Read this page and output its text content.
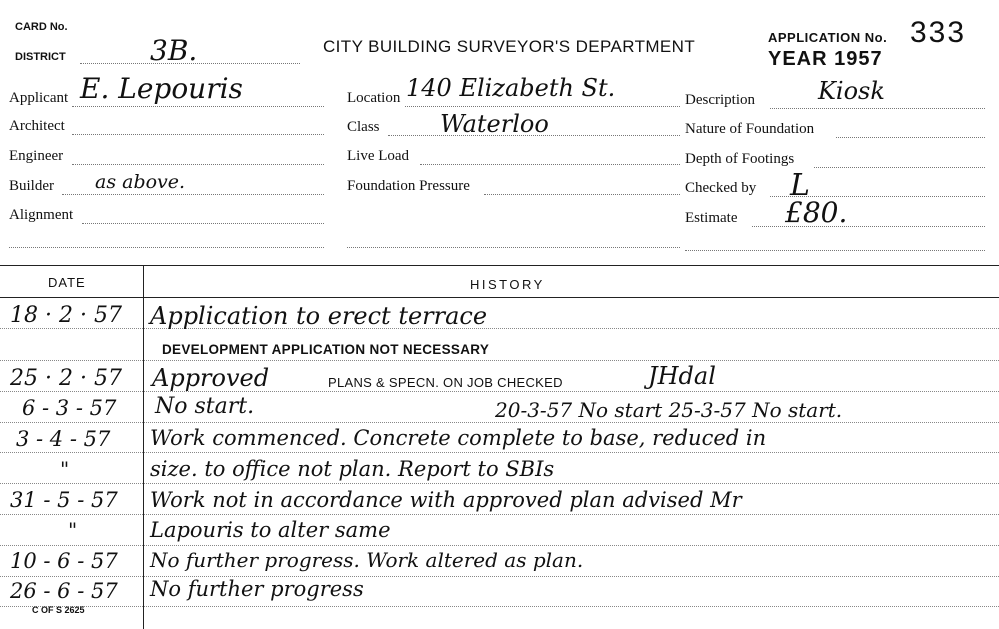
CARD No.
DISTRICT	3B.	CITY BUILDING SURVEYOR'S DEPARTMENT	APPLICATION No. 333
YEAR 1957
Applicant E. Lepouris
Architect
Engineer
Builder as above.
Alignment
Location 140 Elizabeth St.
Class	Waterloo
Live Load
Foundation Pressure
Description	Kiosk
Nature of Foundation
Depth of Footings
Checked by L
Estimate £80.
DATE	HISTORY
18 · 2 · 57 Application to erect terrace
DEVELOPMENT APPLICATION NOT NECESSARY
25 · 2 · 57 Approved	PLANS & SPECN. ON JOB CHECKED	JHdal
6 - 3 - 57 No start.	20-3-57 No start 25-3-57 No start.
3 - 4 - 57 Work commenced. Concrete complete to base, reduced in
"	size. to office not plan. Report to SBIs
31 - 5 - 57 Work not in accordance with approved plan advised Mr
"	Lapouris to alter same
10 - 6 - 57 No further progress. Work altered as plan.
26 - 6 - 57 No further progress
C OF S 2625
